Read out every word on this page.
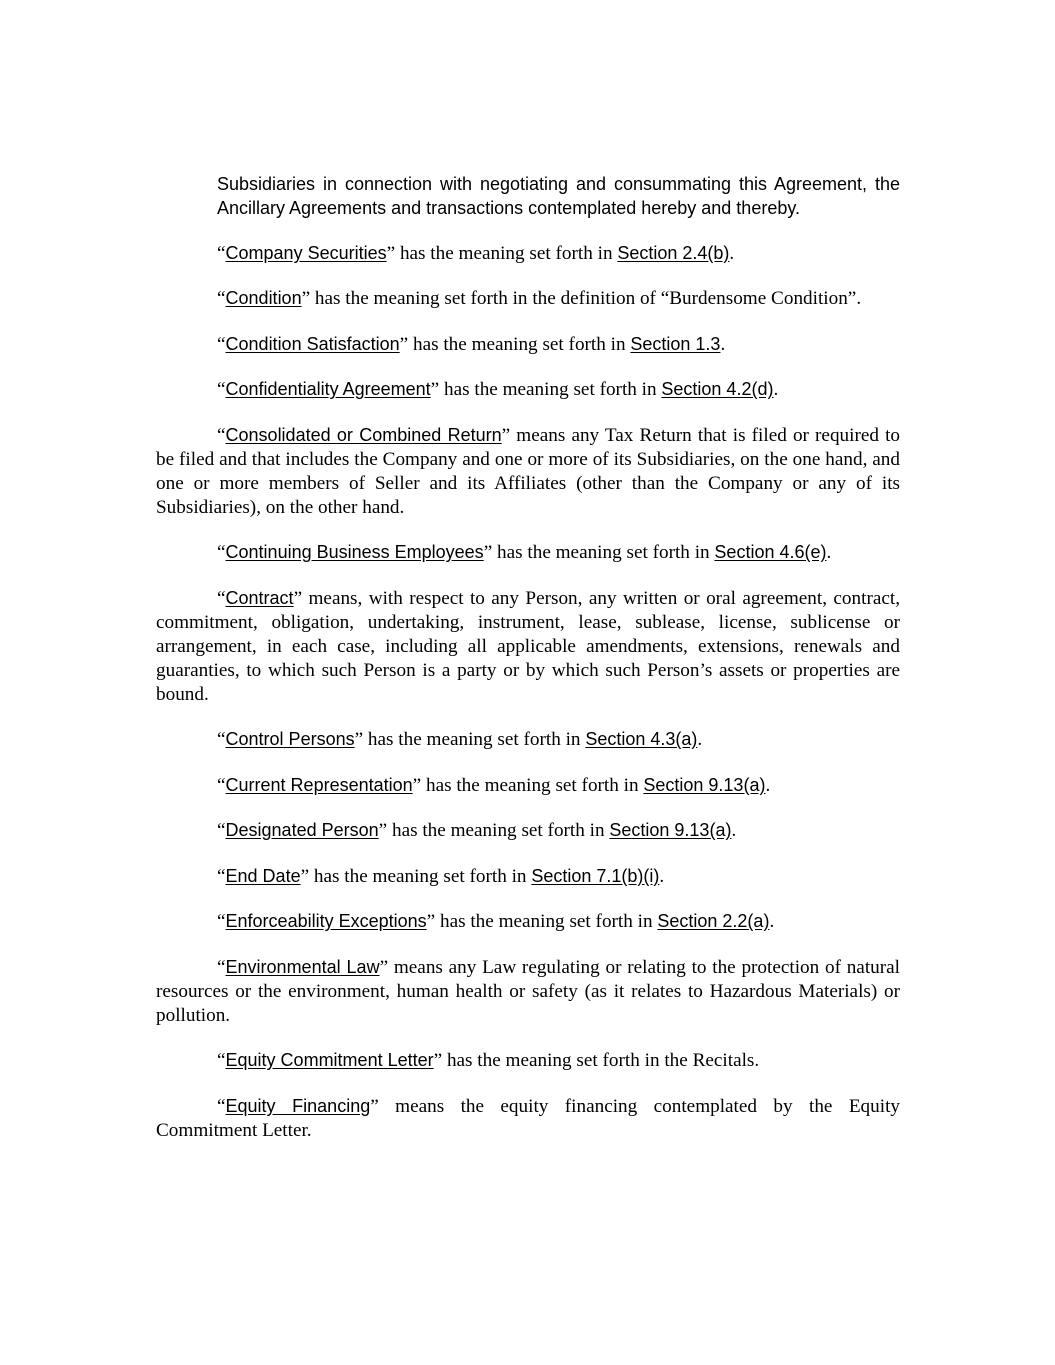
Subsidiaries in connection with negotiating and consummating this Agreement, the Ancillary Agreements and transactions contemplated hereby and thereby.

“Company Securities” has the meaning set forth in Section 2.4(b).

“Condition” has the meaning set forth in the definition of “Burdensome Condition”.

“Condition Satisfaction” has the meaning set forth in Section 1.3.

“Confidentiality Agreement” has the meaning set forth in Section 4.2(d).

“Consolidated or Combined Return” means any Tax Return that is filed or required to be filed and that includes the Company and one or more of its Subsidiaries, on the one hand, and one or more members of Seller and its Affiliates (other than the Company or any of its Subsidiaries), on the other hand.

“Continuing Business Employees” has the meaning set forth in Section 4.6(e).

“Contract” means, with respect to any Person, any written or oral agreement, contract, commitment, obligation, undertaking, instrument, lease, sublease, license, sublicense or arrangement, in each case, including all applicable amendments, extensions, renewals and guaranties, to which such Person is a party or by which such Person’s assets or properties are bound.

“Control Persons” has the meaning set forth in Section 4.3(a).

“Current Representation” has the meaning set forth in Section 9.13(a).

“Designated Person” has the meaning set forth in Section 9.13(a).

“End Date” has the meaning set forth in Section 7.1(b)(i).

“Enforceability Exceptions” has the meaning set forth in Section 2.2(a).

“Environmental Law” means any Law regulating or relating to the protection of natural resources or the environment, human health or safety (as it relates to Hazardous Materials) or pollution.

“Equity Commitment Letter” has the meaning set forth in the Recitals.

“Equity Financing” means the equity financing contemplated by the Equity Commitment Letter.
